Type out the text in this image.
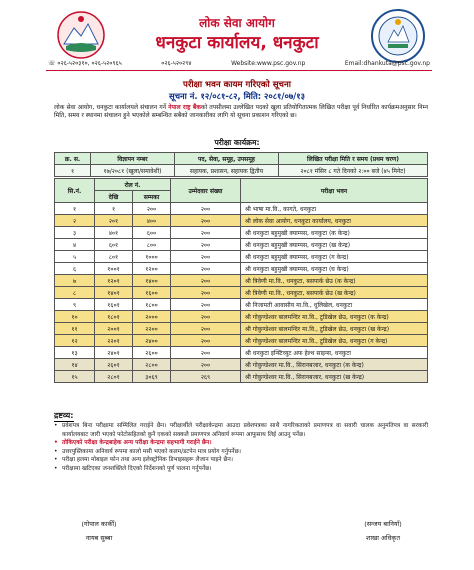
लोक सेवा आयोग
धनकुटा कार्यालय, धनकुटा
☏ ०२६-५२०३१०, ०२६-५२०९६५	०२६-५२०२९४	Website:www.psc.gov.np	Email:dhankuta@psc.gov.np
परीक्षा भवन कायम गरिएको सूचना
सूचना नं. १२/०८१-८२, मिति: २०८१/०७/१३

लोक सेवा आयोग, धनकुटा कार्यालयले संचालन गर्ने नेपाल राष्ट्र बैंकको तपसीलमा उल्लेखित पदको खुला प्रतियोगितात्मक लिखित परीक्षा पूर्व निर्धारित कार्यक्रमअनुसार निम्न मिति, समय र स्थानमा संचालन हुने भएकोले सम्बन्धित सबैको जानकारीका लागि यो सूचना प्रकाशन गरिएको छ।

परीक्षा कार्यक्रम:
क्र. स.	विज्ञापन नम्बर	पद, सेवा, समूह, उपसमूह	लिखित परीक्षा मिति र समय (प्रथम चरण)
१	१७/२०८१ (खुला/समावेशी)	सहायक, प्रशासन, सहायक द्वितीय	२०८१ मंसिर ८ गते दिनको २:०० बजे (४५ मिनेट)
सि.नं.	रोल नं.		उम्मेदवार संख्या	परीक्षा भवन
	देखि	सम्मका		
१	१	२००	२००	श्री भाषा मा.वि., कागते, धनकुटा
२	२०१	४००	२००	श्री लोक सेवा आयोग, धनकुटा कार्यालय, धनकुटा
३	४०१	६००	२००	श्री धनकुटा बहुमुखी क्याम्पस, धनकुटा (क केन्द्र)
४	६०१	८००	२००	श्री धनकुटा बहुमुखी क्याम्पस, धनकुटा (ख केन्द्र)
५	८०१	१०००	२००	श्री धनकुटा बहुमुखी क्याम्पस, धनकुटा (ग केन्द्र)
६	१००१	१२००	२००	श्री धनकुटा बहुमुखी क्याम्पस, धनकुटा (घ केन्द्र)
७	१२०१	१४००	२००	श्री त्रिवेणी मा.वि., धनकुटा, बसपार्क छेउ (क केन्द्र)
८	१४०१	१६००	२००	श्री त्रिवेणी मा.वि., धनकुटा, बसपार्क छेउ (ख केन्द्र)
९	१६०१	१८००	२००	श्री निजामती आवासीय मा.वि., धुलिखेल, धनकुटा
१०	१८०१	२०००	२००	श्री गोकुण्डेश्वर बालमन्दिर मा.वि., टुडिखेल छेउ, धनकुटा (क केन्द्र)
११	२००१	२२००	२००	श्री गोकुण्डेश्वर बालमन्दिर मा.वि., टुडिखेल छेउ, धनकुटा (ख केन्द्र)
१२	२२०१	२४००	२००	श्री गोकुण्डेश्वर बालमन्दिर मा.वि., टुडिखेल छेउ, धनकुटा (ग केन्द्र)
१३	२४०१	२६००	२००	श्री धनकुटा इन्स्टिच्युट अफ हेल्थ साइन्स, धनकुटा
१४	२६०१	२८००	२००	श्री गोकुण्डेश्वर मा.वि., सिरानबजार, धनकुटा (क केन्द्र)
१५	२८०१	३०६९	२६९	श्री गोकुण्डेश्वर मा.वि., सिरानबजार, धनकुटा (ख केन्द्र)
द्रष्टव्य:
• प्रवेशपत्र बिना परीक्षामा सम्मिलित गराईने छैन। परीक्षार्थीले परीक्षाकेन्द्रमा आउदा प्रवेशपत्रका साथै नागरिकताको प्रमाणपत्र वा सवारी चालक अनुमतिपत्र वा सरकारी कार्यालयबाट जारी भएको फोटोसहितको कुनै एकको सक्कलै प्रमाणपत्र अनिवार्य रूपमा आफूसाथ लिई आउनु पर्नेछ।
• तोकिएको परीक्षा केन्द्रबाहेक अन्य परीक्षा केन्द्रमा सहभागी गराईने छैन।
• उत्तरपुस्तिकामा अनिवार्य रूपमा कालो मसी भएको कलम/डटपेन मात्र प्रयोग गर्नुपर्नेछ।
• परीक्षा हलमा मोबाइल फोन तथा अन्य इलेक्ट्रोनिक डिभाइसहरू लैजान पाइने छैन।
• परीक्षामा खटिएका जनशक्तिले दिएको निर्देशनको पूर्ण पालना गर्नुपर्नेछ।
(गोपाल कार्की)
नायब सुब्बा
(सन्जय बानियाँ)
शाखा अधिकृत
